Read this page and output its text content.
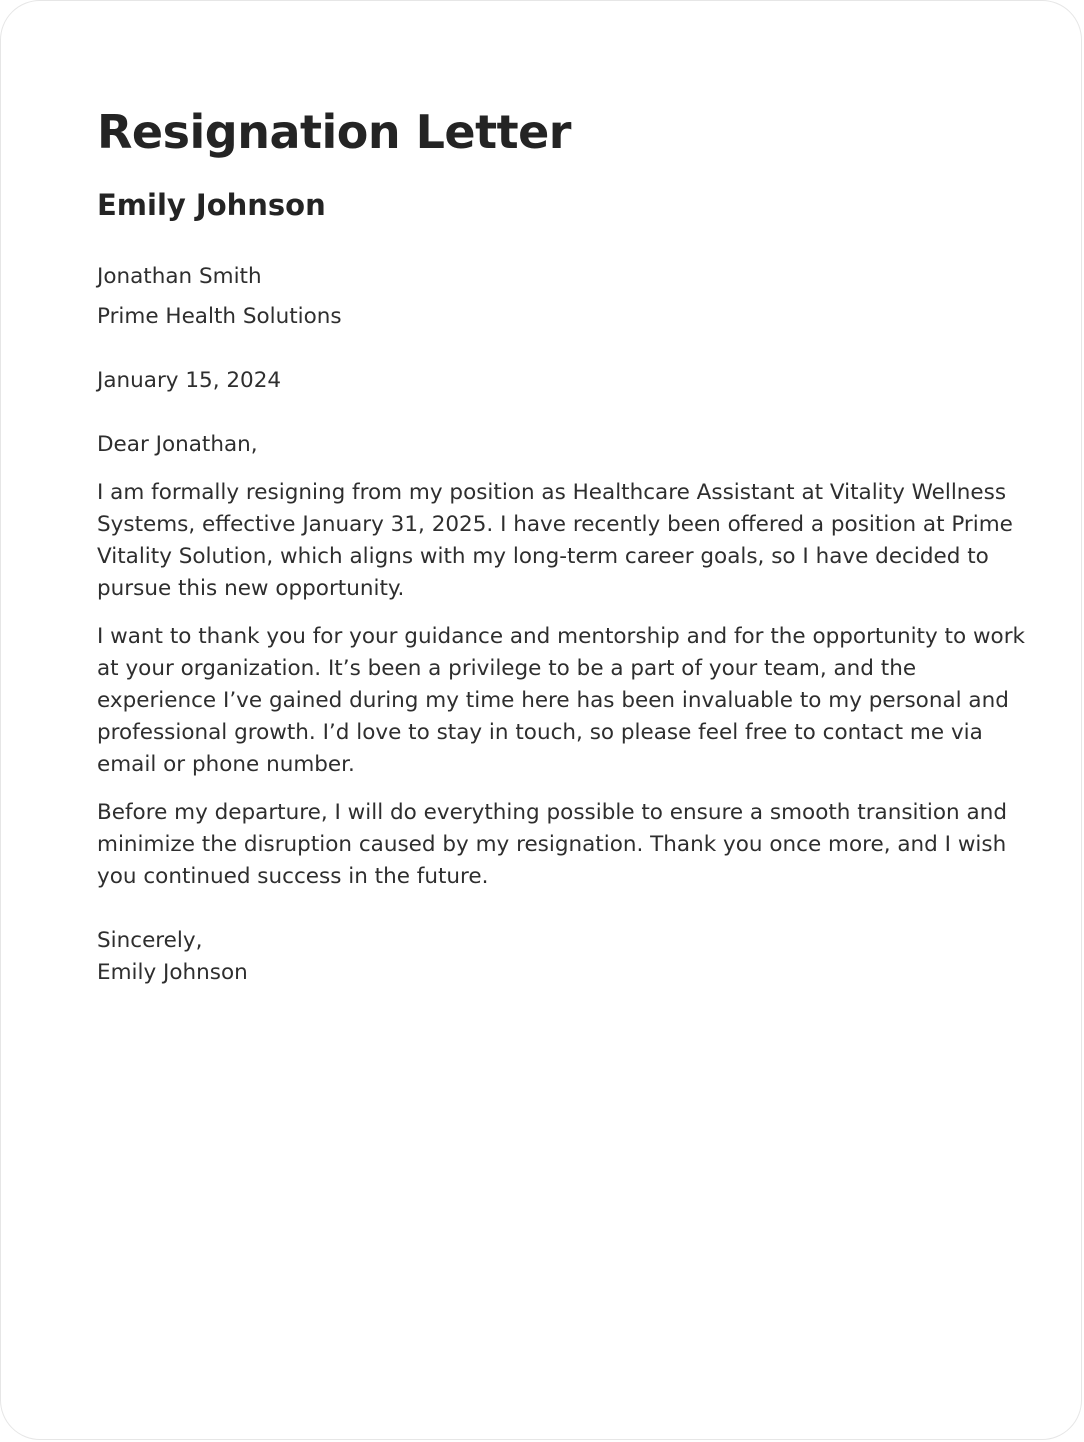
Resignation Letter
Emily Johnson

Jonathan Smith

Prime Health Solutions

January 15, 2024

Dear Jonathan,

I am formally resigning from my position as Healthcare Assistant at Vitality Wellness Systems, effective January 31, 2025. I have recently been offered a position at Prime Vitality Solution, which aligns with my long-term career goals, so I have decided to pursue this new opportunity.

I want to thank you for your guidance and mentorship and for the opportunity to work at your organization. It’s been a privilege to be a part of your team, and the experience I’ve gained during my time here has been invaluable to my personal and professional growth. I’d love to stay in touch, so please feel free to contact me via email or phone number.

Before my departure, I will do everything possible to ensure a smooth transition and minimize the disruption caused by my resignation. Thank you once more, and I wish you continued success in the future.

Sincerely,

Emily Johnson
